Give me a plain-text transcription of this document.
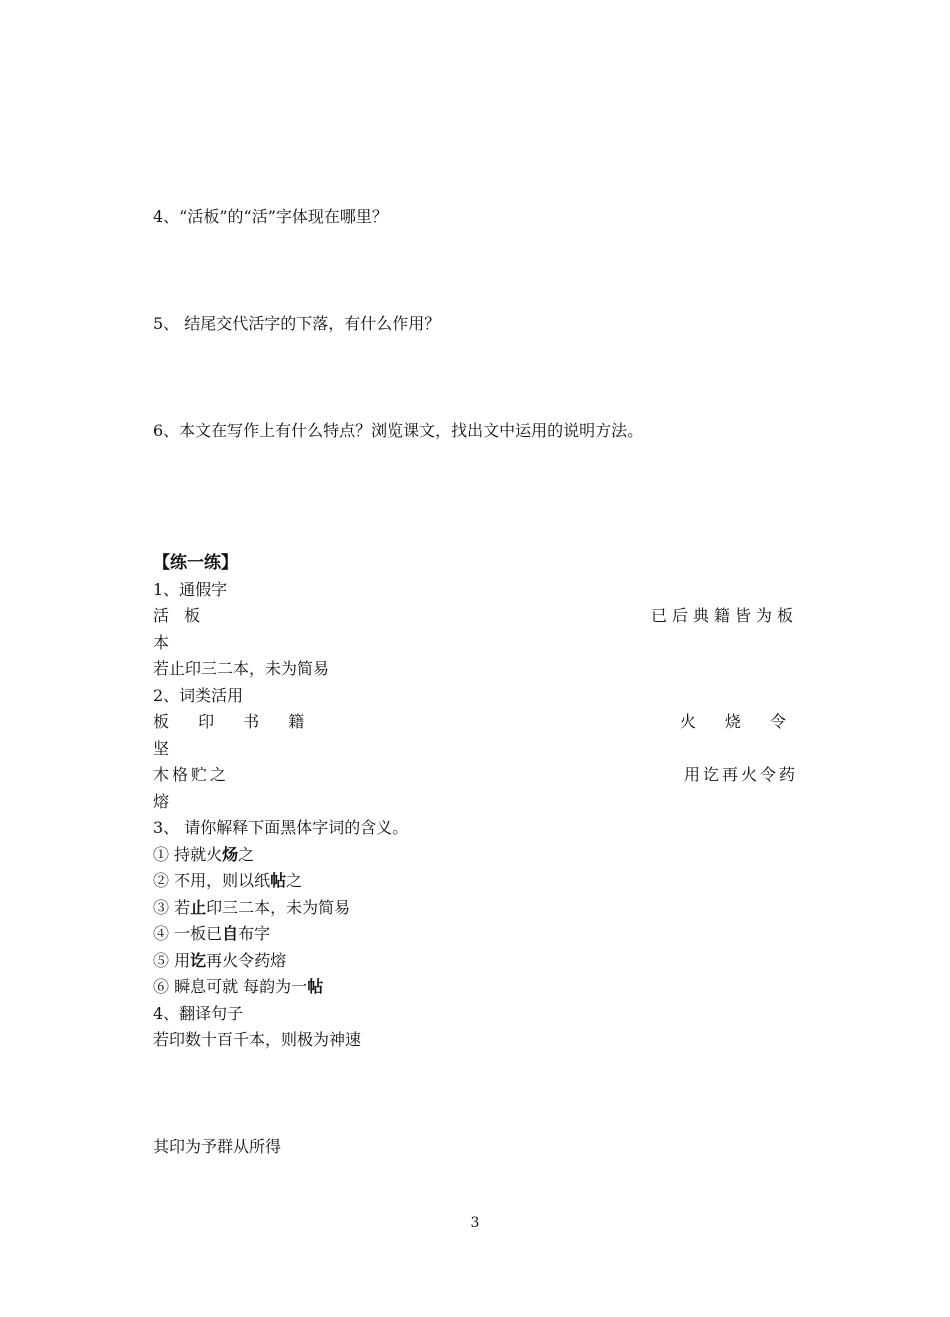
4、“活板”的“活”字体现在哪里？
5、 结尾交代活字的下落，有什么作用？
6、本文在写作上有什么特点？浏览课文，找出文中运用的说明方法。
【练一练】
1、通假字
活 板	已后典籍皆为板
本
若止印三二本，未为简易
2、词类活用
板 印 书 籍	火 烧 令
坚
木格贮之	用讫再火令药
熔
3、 请你解释下面黑体字词的含义。
① 持就火炀之
② 不用，则以纸帖之
③ 若止印三二本，未为简易
④ 一板已自布字
⑤ 用讫再火令药熔
⑥ 瞬息可就 每韵为一帖
4、翻译句子
若印数十百千本，则极为神速
其印为予群从所得
3
